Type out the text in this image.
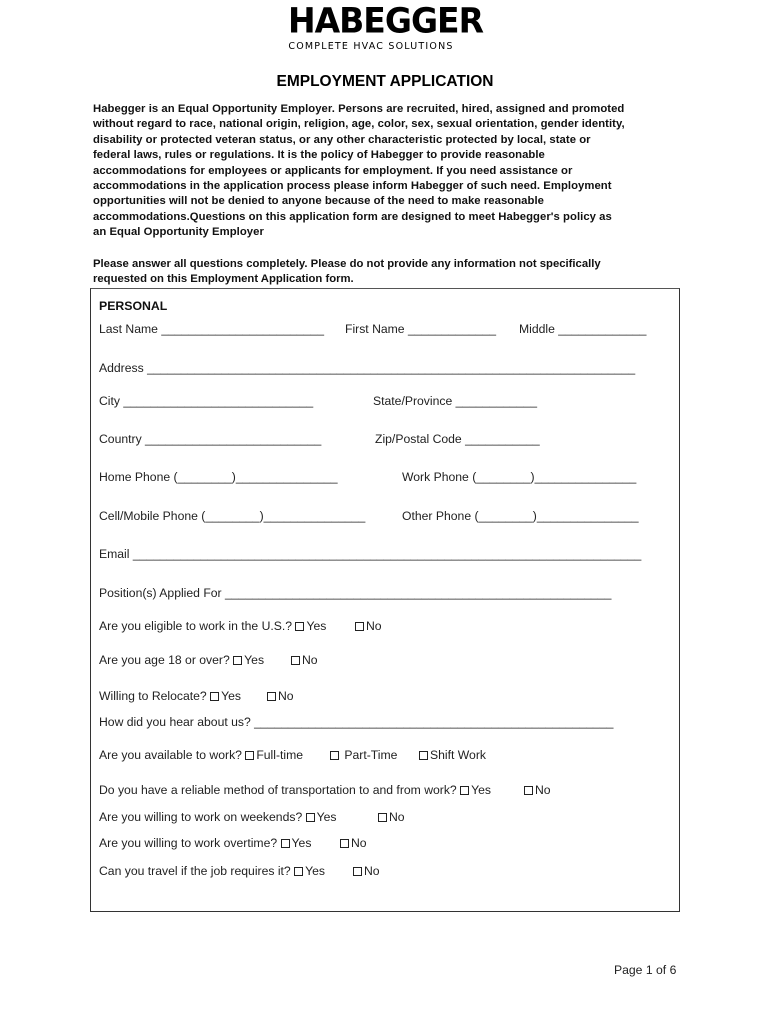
HABEGGER
COMPLETE HVAC SOLUTIONS
EMPLOYMENT APPLICATION
Habegger is an Equal Opportunity Employer. Persons are recruited, hired, assigned and promoted
without regard to race, national origin, religion, age, color, sex, sexual orientation, gender identity,
disability or protected veteran status, or any other characteristic protected by local, state or
federal laws, rules or regulations. It is the policy of Habegger to provide reasonable
accommodations for employees or applicants for employment. If you need assistance or
accommodations in the application process please inform Habegger of such need. Employment
opportunities will not be denied to anyone because of the need to make reasonable
accommodations.Questions on this application form are designed to meet Habegger's policy as
an Equal Opportunity Employer
Please answer all questions completely. Please do not provide any information not specifically
requested on this Employment Application form.
PERSONAL
Last Name ________________________ First Name _____________ Middle _____________
Address ________________________________________________________________________
City ____________________________	State/Province ____________
Country __________________________	Zip/Postal Code ___________
Home Phone (________)_______________	Work Phone (________)_______________
Cell/Mobile Phone (________)_______________	Other Phone (________)_______________
Email ___________________________________________________________________________
Position(s) Applied For _________________________________________________________
Are you eligible to work in the U.S.? Yes	No
Are you age 18 or over? Yes	No
Willing to Relocate? Yes	No
How did you hear about us? _____________________________________________________
Are you available to work? Full-time	Part-Time	Shift Work
Do you have a reliable method of transportation to and from work? Yes	No
Are you willing to work on weekends? Yes	No
Are you willing to work overtime? Yes	No
Can you travel if the job requires it? Yes	No
Page 1 of 6
